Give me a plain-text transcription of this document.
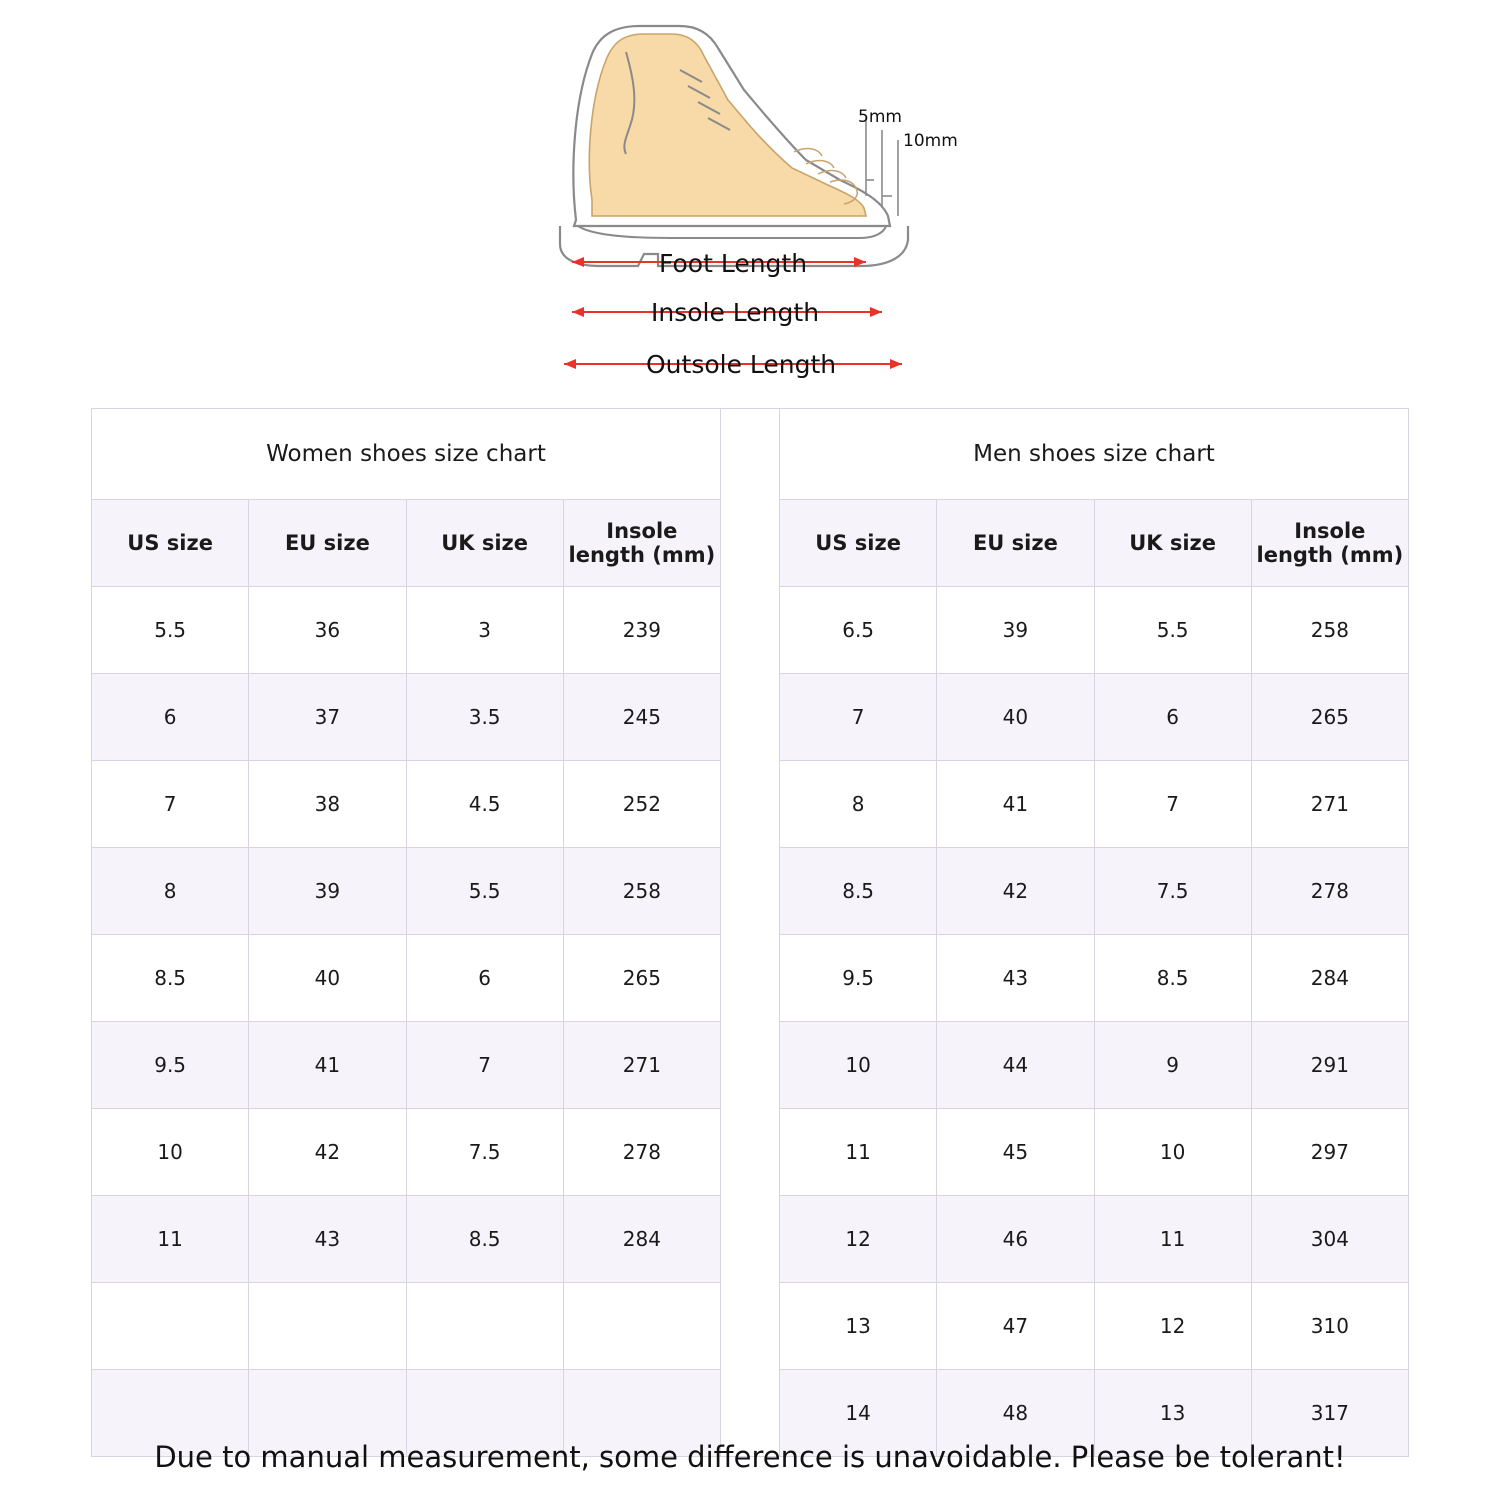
5mm
10mm
Foot Length
Insole Length
Outsole Length
Women shoes size chart			
US size	EU size	UK size	Insole length (mm)
5.5	36	3	239
6	37	3.5	245
7	38	4.5	252
8	39	5.5	258
8.5	40	6	265
9.5	41	7	271
10	42	7.5	278
11	43	8.5	284

Men shoes size chart			
US size	EU size	UK size	Insole length (mm)
6.5	39	5.5	258
7	40	6	265
8	41	7	271
8.5	42	7.5	278
9.5	43	8.5	284
10	44	9	291
11	45	10	297
12	46	11	304
13	47	12	310
14	48	13	317
Due to manual measurement, some difference is unavoidable. Please be tolerant!
